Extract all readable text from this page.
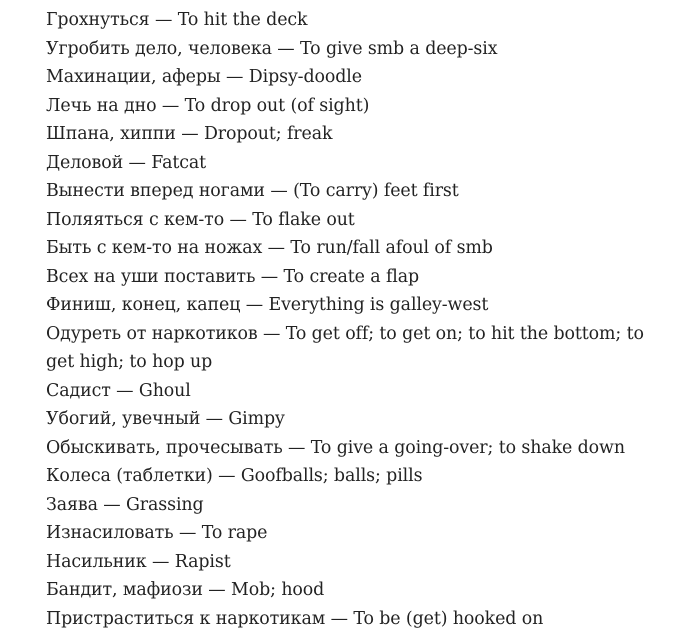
Грохнуться — To hit the deck
Угробить дело, человека — To give smb a deep-six
Махинации, аферы — Dipsy-doodle
Лечь на дно — To drop out (of sight)
Шпана, хиппи — Dropout; freak
Деловой — Fatcat
Вынести вперед ногами — (To carry) feet first
Поляяться с кем-то — To flake out
Быть с кем-то на ножах — To run/fall afoul of smb
Всех на уши поставить — To create a flap
Финиш, конец, капец — Everything is galley-west
Одуреть от наркотиков — To get off; to get on; to hit the bottom; to get high; to hop up
Садист — Ghoul
Убогий, увечный — Gimpy
Обыскивать, прочесывать — To give a going-over; to shake down
Колеса (таблетки) — Goofballs; balls; pills
Заява — Grassing
Изнасиловать — To rape
Насильник — Rapist
Бандит, мафиози — Mob; hood
Пристраститься к наркотикам — To be (get) hooked on
